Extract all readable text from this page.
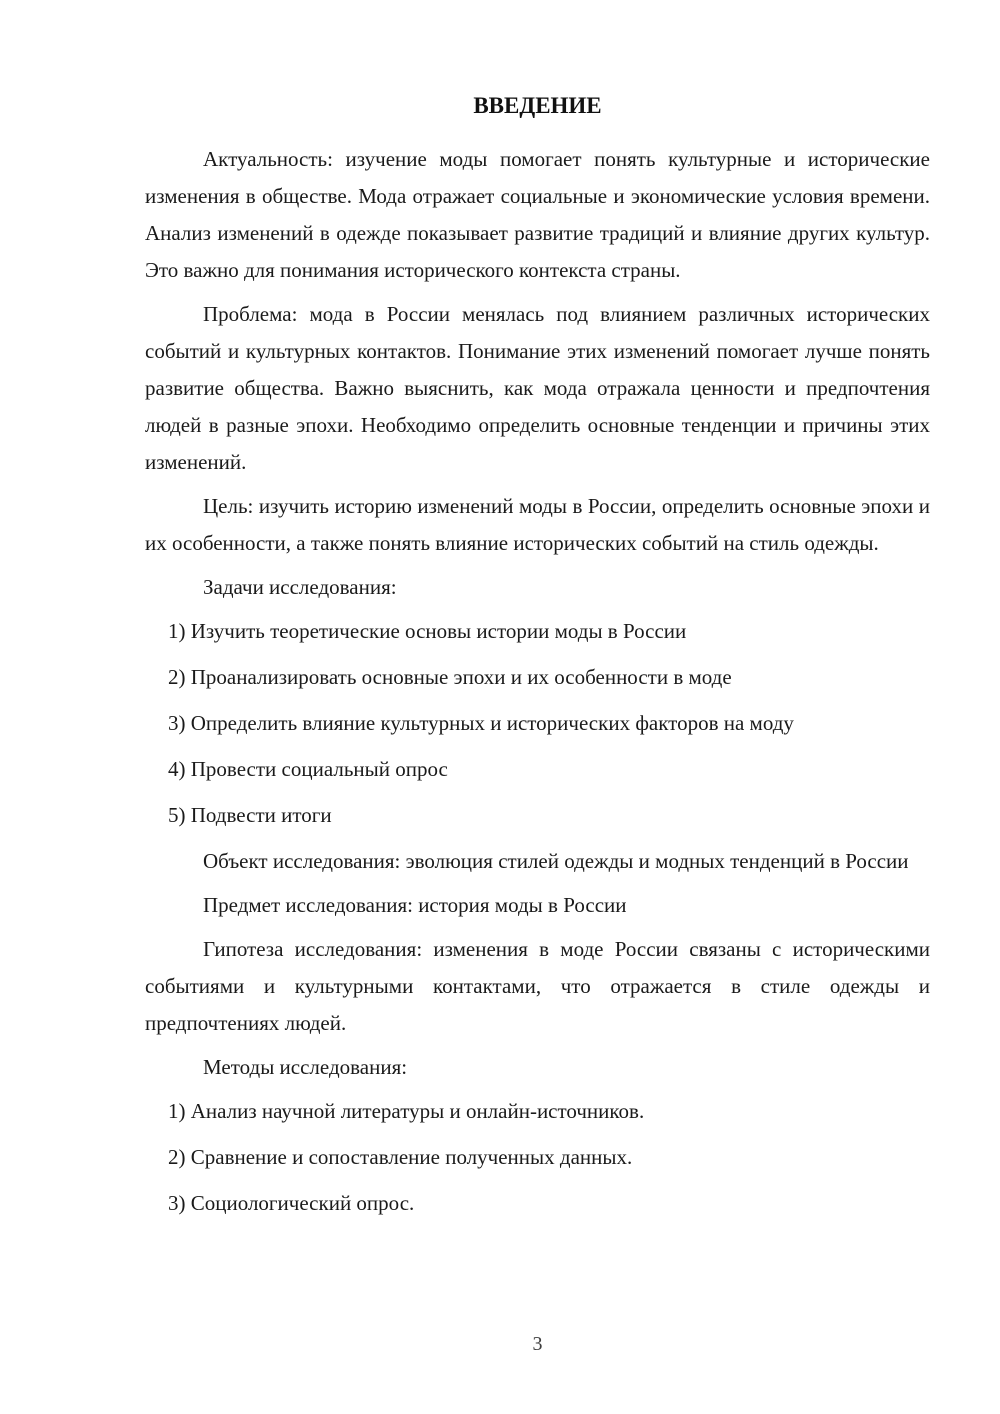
ВВЕДЕНИЕ

Актуальность: изучение моды помогает понять культурные и исторические изменения в обществе. Мода отражает социальные и экономические условия времени. Анализ изменений в одежде показывает развитие традиций и влияние других культур. Это важно для понимания исторического контекста страны.

Проблема: мода в России менялась под влиянием различных исторических событий и культурных контактов. Понимание этих изменений помогает лучше понять развитие общества. Важно выяснить, как мода отражала ценности и предпочтения людей в разные эпохи. Необходимо определить основные тенденции и причины этих изменений.

Цель: изучить историю изменений моды в России, определить основные эпохи и их особенности, а также понять влияние исторических событий на стиль одежды.

Задачи исследования:

1) Изучить теоретические основы истории моды в России

2) Проанализировать основные эпохи и их особенности в моде

3) Определить влияние культурных и исторических факторов на моду

4) Провести социальный опрос

5) Подвести итоги

Объект исследования: эволюция стилей одежды и модных тенденций в России

Предмет исследования: история моды в России

Гипотеза исследования: изменения в моде России связаны с историческими событиями и культурными контактами, что отражается в стиле одежды и предпочтениях людей.

Методы исследования:

1) Анализ научной литературы и онлайн-источников.

2) Сравнение и сопоставление полученных данных.

3) Социологический опрос.

3
